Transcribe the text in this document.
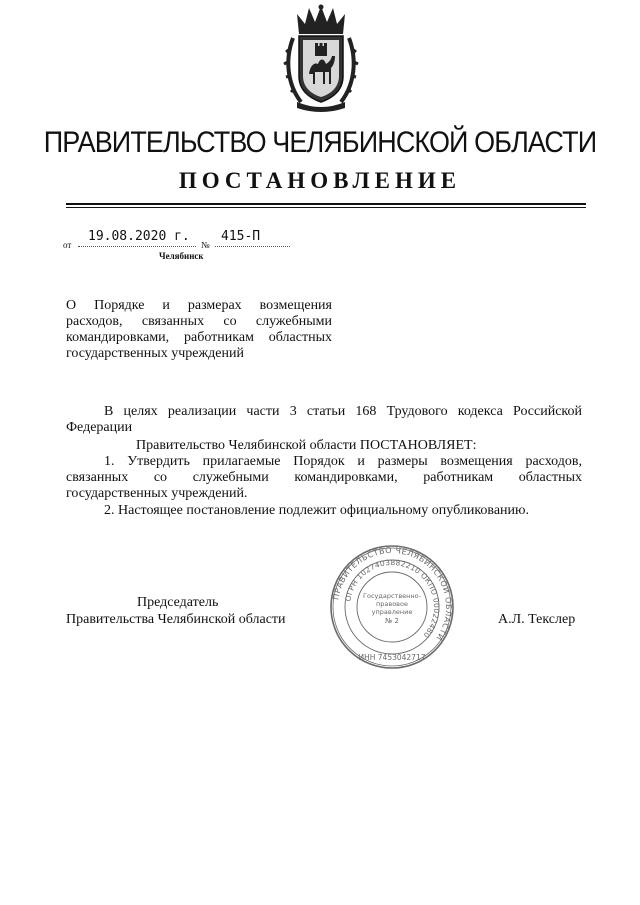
ПРАВИТЕЛЬСТВО ЧЕЛЯБИНСКОЙ ОБЛАСТИ
ПОСТАНОВЛЕНИЕ
от
19.08.2020 г.
№
415-П
Челябинск
О Порядке и размерах возмещения
расходов, связанных со служебными
командировками, работникам областных
государственных учреждений
В целях реализации части 3 статьи 168 Трудового кодекса Российской
Федерации
Правительство Челябинской области ПОСТАНОВЛЯЕТ:
1. Утвердить прилагаемые Порядок и размеры возмещения расходов,
связанных со служебными командировками, работникам областных
государственных учреждений.
2. Настоящее постановление подлежит официальному опубликованию.
Председатель
Правительства Челябинской области	А.Л. Текслер
ПРАВИТЕЛЬСТВО ЧЕЛЯБИНСКОЙ ОБЛАСТИ
ОГРН 1027403882210 ОКПО 00022480
ИНН 7453042717
Государственно-
правовое
управление
№ 2
